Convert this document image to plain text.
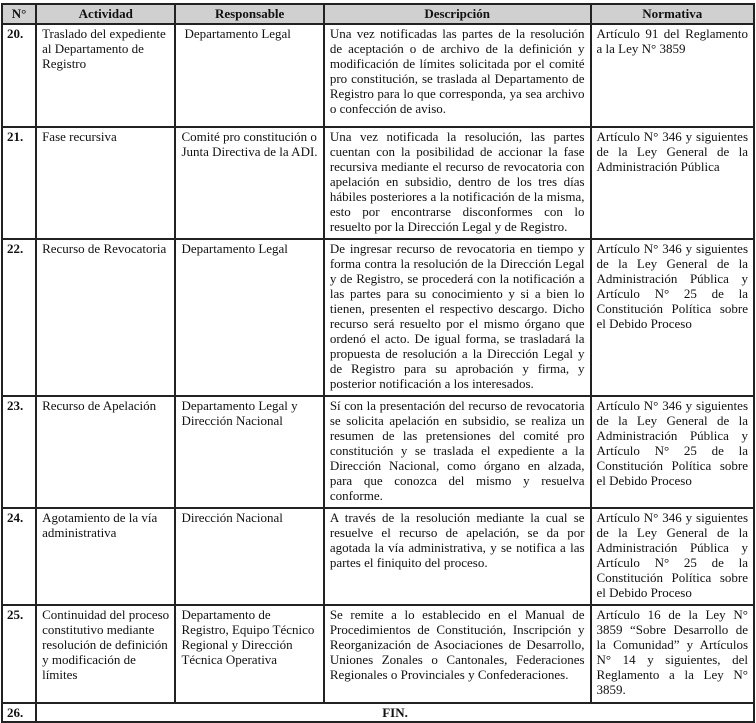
N°	Actividad	Responsable	Descripción	Normativa
20.	Traslado del expediente al Departamento de Registro	Departamento Legal	Una vez notificadas las partes de la resolución de aceptación o de archivo de la definición y modificación de límites solicitada por el comité pro constitución, se traslada al Departamento de Registro para lo que corresponda, ya sea archivo o confección de aviso.	Artículo 91 del Reglamento a la Ley N° 3859
21.	Fase recursiva	Comité pro constitución o Junta Directiva de la ADI.	Una vez notificada la resolución, las partes cuentan con la posibilidad de accionar la fase recursiva mediante el recurso de revocatoria con apelación en subsidio, dentro de los tres días hábiles posteriores a la notificación de la misma, esto por encontrarse disconformes con lo resuelto por la Dirección Legal y de Registro.	Artículo N° 346 y siguientes de la Ley General de la Administración Pública
22.	Recurso de Revocatoria	Departamento Legal	De ingresar recurso de revocatoria en tiempo y forma contra la resolución de la Dirección Legal y de Registro, se procederá con la notificación a las partes para su conocimiento y si a bien lo tienen, presenten el respectivo descargo. Dicho recurso será resuelto por el mismo órgano que ordenó el acto. De igual forma, se trasladará la propuesta de resolución a la Dirección Legal y de Registro para su aprobación y firma, y posterior notificación a los interesados.	Artículo N° 346 y siguientes de la Ley General de la Administración Pública y Artículo N° 25 de la Constitución Política sobre el Debido Proceso
23.	Recurso de Apelación	Departamento Legal y Dirección Nacional	Sí con la presentación del recurso de revocatoria se solicita apelación en subsidio, se realiza un resumen de las pretensiones del comité pro constitución y se traslada el expediente a la Dirección Nacional, como órgano en alzada, para que conozca del mismo y resuelva conforme.	Artículo N° 346 y siguientes de la Ley General de la Administración Pública y Artículo N° 25 de la Constitución Política sobre el Debido Proceso
24.	Agotamiento de la vía administrativa	Dirección Nacional	A través de la resolución mediante la cual se resuelve el recurso de apelación, se da por agotada la vía administrativa, y se notifica a las partes el finiquito del proceso.	Artículo N° 346 y siguientes de la Ley General de la Administración Pública y Artículo N° 25 de la Constitución Política sobre el Debido Proceso
25.	Continuidad del proceso constitutivo mediante resolución de definición y modificación de límites	Departamento de Registro, Equipo Técnico Regional y Dirección Técnica Operativa	Se remite a lo establecido en el Manual de Procedimientos de Constitución, Inscripción y Reorganización de Asociaciones de Desarrollo, Uniones Zonales o Cantonales, Federaciones Regionales o Provinciales y Confederaciones.	Artículo 16 de la Ley N° 3859 “Sobre Desarrollo de la Comunidad” y Artículos N° 14 y siguientes, del Reglamento a la Ley N° 3859.
26.	FIN.			
